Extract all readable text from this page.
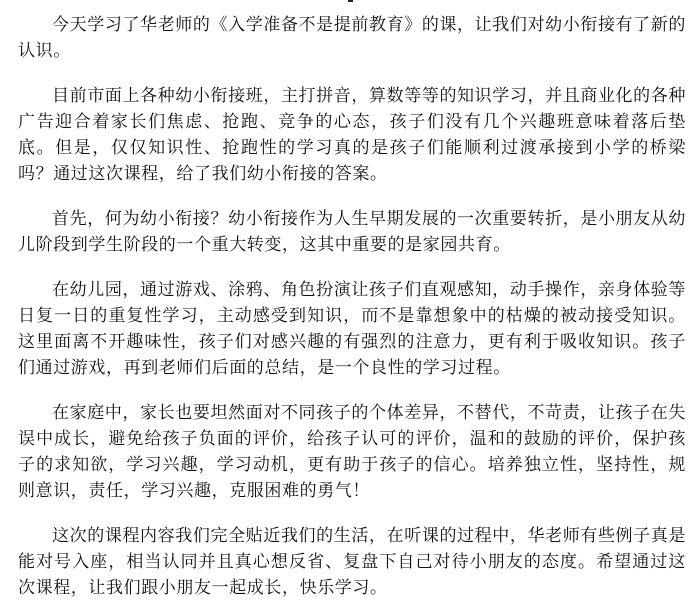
今天学习了华老师的《入学准备不是提前教育》的课，让我们对幼小衔接有了新的认识。

目前市面上各种幼小衔接班，主打拼音，算数等等的知识学习，并且商业化的各种广告迎合着家长们焦虑、抢跑、竞争的心态，孩子们没有几个兴趣班意味着落后垫底。但是，仅仅知识性、抢跑性的学习真的是孩子们能顺利过渡承接到小学的桥梁吗？通过这次课程，给了我们幼小衔接的答案。

首先，何为幼小衔接？幼小衔接作为人生早期发展的一次重要转折，是小朋友从幼儿阶段到学生阶段的一个重大转变，这其中重要的是家园共育。

在幼儿园，通过游戏、涂鸦、角色扮演让孩子们直观感知，动手操作，亲身体验等日复一日的重复性学习，主动感受到知识，而不是靠想象中的枯燥的被动接受知识。这里面离不开趣味性，孩子们对感兴趣的有强烈的注意力，更有利于吸收知识。孩子们通过游戏，再到老师们后面的总结，是一个良性的学习过程。

在家庭中，家长也要坦然面对不同孩子的个体差异，不替代，不苛责，让孩子在失误中成长，避免给孩子负面的评价，给孩子认可的评价，温和的鼓励的评价，保护孩子的求知欲，学习兴趣，学习动机，更有助于孩子的信心。培养独立性，坚持性，规则意识，责任，学习兴趣，克服困难的勇气！

这次的课程内容我们完全贴近我们的生活，在听课的过程中，华老师有些例子真是能对号入座，相当认同并且真心想反省、复盘下自己对待小朋友的态度。希望通过这次课程，让我们跟小朋友一起成长，快乐学习。
